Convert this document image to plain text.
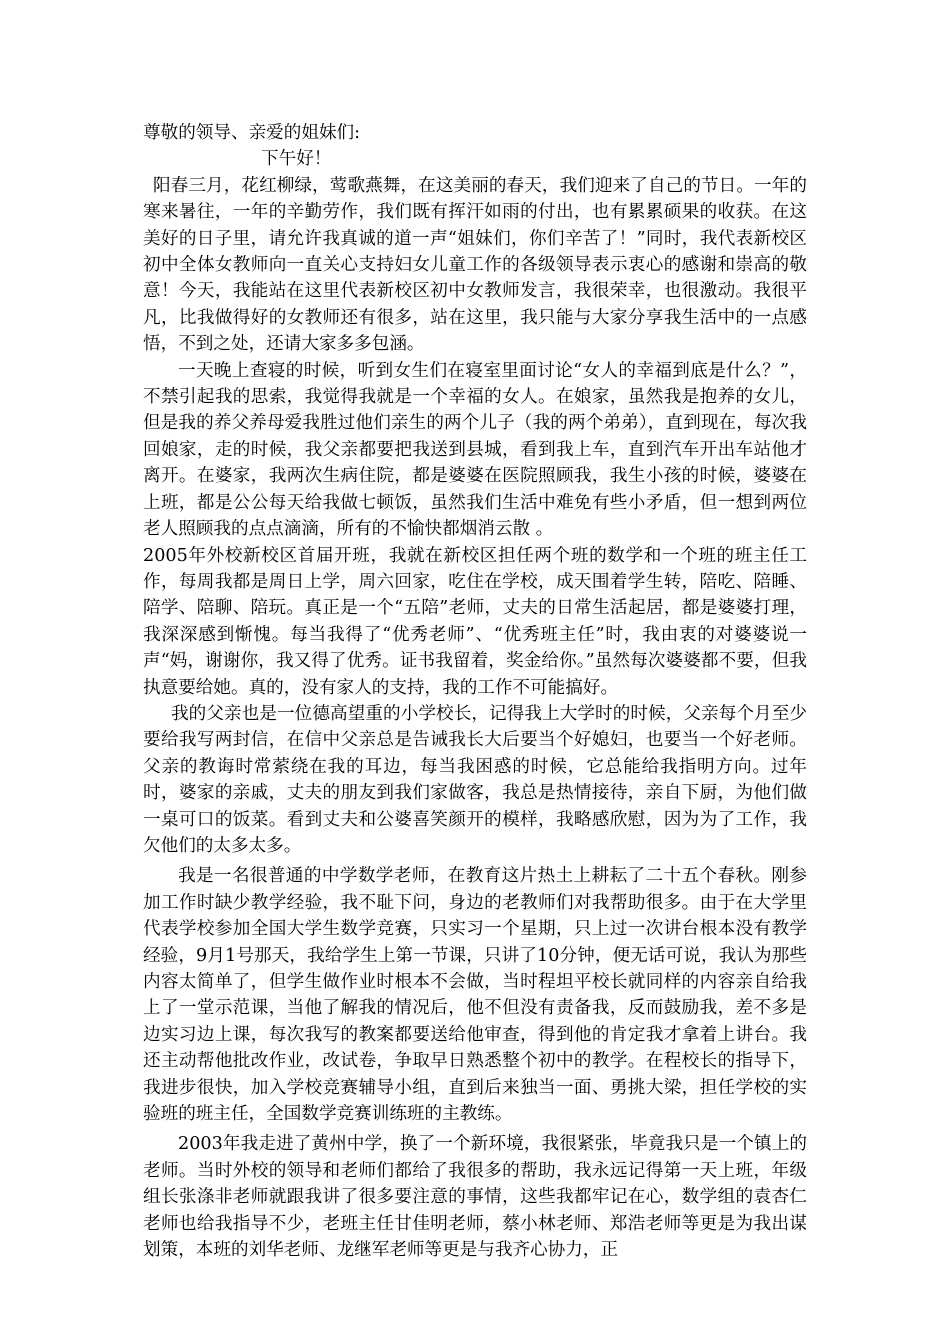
尊敬的领导、亲爱的姐妹们:

下午好！

阳春三月，花红柳绿，莺歌燕舞，在这美丽的春天，我们迎来了自己的节日。一年的寒来暑往，一年的辛勤劳作，我们既有挥汗如雨的付出，也有累累硕果的收获。在这美好的日子里，请允许我真诚的道一声“姐妹们，你们辛苦了！”同时，我代表新校区初中全体女教师向一直关心支持妇女儿童工作的各级领导表示衷心的感谢和崇高的敬意！今天，我能站在这里代表新校区初中女教师发言，我很荣幸，也很激动。我很平凡，比我做得好的女教师还有很多，站在这里，我只能与大家分享我生活中的一点感悟，不到之处，还请大家多多包涵。

一天晚上查寝的时候，听到女生们在寝室里面讨论“女人的幸福到底是什么？”，不禁引起我的思索，我觉得我就是一个幸福的女人。在娘家，虽然我是抱养的女儿，但是我的养父养母爱我胜过他们亲生的两个儿子（我的两个弟弟），直到现在，每次我回娘家，走的时候，我父亲都要把我送到县城，看到我上车，直到汽车开出车站他才离开。在婆家，我两次生病住院，都是婆婆在医院照顾我，我生小孩的时候，婆婆在上班，都是公公每天给我做七顿饭，虽然我们生活中难免有些小矛盾，但一想到两位老人照顾我的点点滴滴，所有的不愉快都烟消云散 。

2005年外校新校区首届开班，我就在新校区担任两个班的数学和一个班的班主任工作，每周我都是周日上学，周六回家，吃住在学校，成天围着学生转，陪吃、陪睡、陪学、陪聊、陪玩。真正是一个“五陪”老师，丈夫的日常生活起居，都是婆婆打理，我深深感到惭愧。每当我得了“优秀老师”、“优秀班主任”时，我由衷的对婆婆说一声“妈，谢谢你，我又得了优秀。证书我留着，奖金给你。”虽然每次婆婆都不要，但我执意要给她。真的，没有家人的支持，我的工作不可能搞好。

我的父亲也是一位德高望重的小学校长，记得我上大学时的时候，父亲每个月至少要给我写两封信，在信中父亲总是告诫我长大后要当个好媳妇，也要当一个好老师。父亲的教诲时常萦绕在我的耳边，每当我困惑的时候，它总能给我指明方向。过年时，婆家的亲戚，丈夫的朋友到我们家做客，我总是热情接待，亲自下厨，为他们做一桌可口的饭菜。看到丈夫和公婆喜笑颜开的模样，我略感欣慰，因为为了工作，我欠他们的太多太多。

我是一名很普通的中学数学老师，在教育这片热土上耕耘了二十五个春秋。刚参加工作时缺少教学经验，我不耻下问，身边的老教师们对我帮助很多。由于在大学里代表学校参加全国大学生数学竞赛，只实习一个星期，只上过一次讲台根本没有教学经验，9月1号那天，我给学生上第一节课，只讲了10分钟，便无话可说，我认为那些内容太简单了，但学生做作业时根本不会做，当时程坦平校长就同样的内容亲自给我上了一堂示范课，当他了解我的情况后，他不但没有责备我，反而鼓励我，差不多是边实习边上课，每次我写的教案都要送给他审查，得到他的肯定我才拿着上讲台。我还主动帮他批改作业，改试卷，争取早日熟悉整个初中的教学。在程校长的指导下，我进步很快，加入学校竞赛辅导小组，直到后来独当一面、勇挑大梁，担任学校的实验班的班主任，全国数学竞赛训练班的主教练。

2003年我走进了黄州中学，换了一个新环境，我很紧张，毕竟我只是一个镇上的老师。当时外校的领导和老师们都给了我很多的帮助，我永远记得第一天上班，年级组长张涤非老师就跟我讲了很多要注意的事情，这些我都牢记在心，数学组的袁杏仁老师也给我指导不少，老班主任甘佳明老师，蔡小林老师、郑浩老师等更是为我出谋划策，本班的刘华老师、龙继军老师等更是与我齐心协力，正
